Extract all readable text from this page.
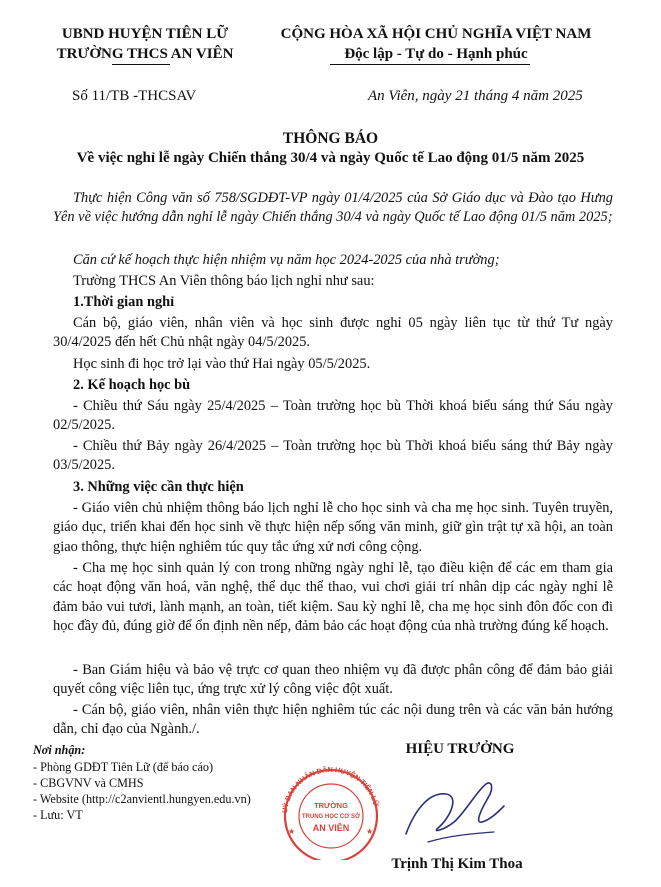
UBND HUYỆN TIÊN LỮ
TRƯỜNG THCS AN VIÊN
CỘNG HÒA XÃ HỘI CHỦ NGHĨA VIỆT NAM
Độc lập - Tự do - Hạnh phúc
Số 11/TB -THCSAV	An Viên, ngày 21 tháng 4 năm 2025
THÔNG BÁO
Về việc nghỉ lễ ngày Chiến thắng 30/4 và ngày Quốc tế Lao động 01/5 năm 2025

Thực hiện Công văn số 758/SGDĐT-VP ngày 01/4/2025 của Sở Giáo dục và Đào tạo Hưng Yên về việc hướng dẫn nghỉ lễ ngày Chiến thắng 30/4 và ngày Quốc tế Lao động 01/5 năm 2025;

Căn cứ kế hoạch thực hiện nhiệm vụ năm học 2024-2025 của nhà trường;

Trường THCS An Viên thông báo lịch nghỉ như sau:

1.Thời gian nghỉ

Cán bộ, giáo viên, nhân viên và học sinh được nghỉ 05 ngày liên tục từ thứ Tư ngày 30/4/2025 đến hết Chủ nhật ngày 04/5/2025.

Học sinh đi học trở lại vào thứ Hai ngày 05/5/2025.

2. Kế hoạch học bù

- Chiều thứ Sáu ngày 25/4/2025 – Toàn trường học bù Thời khoá biểu sáng thứ Sáu ngày 02/5/2025.

- Chiều thứ Bảy ngày 26/4/2025 – Toàn trường học bù Thời khoá biểu sáng thứ Bảy ngày 03/5/2025.

3. Những việc cần thực hiện

- Giáo viên chủ nhiệm thông báo lịch nghỉ lễ cho học sinh và cha mẹ học sinh. Tuyên truyền, giáo dục, triển khai đến học sinh về thực hiện nếp sống văn minh, giữ gìn trật tự xã hội, an toàn giao thông, thực hiện nghiêm túc quy tắc ứng xử nơi công cộng.

- Cha mẹ học sinh quản lý con trong những ngày nghỉ lễ, tạo điều kiện để các em tham gia các hoạt động văn hoá, văn nghệ, thể dục thể thao, vui chơi giải trí nhân dịp các ngày nghỉ lễ đảm bảo vui tươi, lành mạnh, an toàn, tiết kiệm. Sau kỳ nghỉ lễ, cha mẹ học sinh đôn đốc con đi học đầy đủ, đúng giờ để ổn định nền nếp, đảm bảo các hoạt động của nhà trường đúng kế hoạch.

- Ban Giám hiệu và bảo vệ trực cơ quan theo nhiệm vụ đã được phân công để đảm bảo giải quyết công việc liên tục, ứng trực xử lý công việc đột xuất.

- Cán bộ, giáo viên, nhân viên thực hiện nghiêm túc các nội dung trên và các văn bản hướng dẫn, chỉ đạo của Ngành./.

Nơi nhận:
- Phòng GDĐT Tiên Lữ (để báo cáo)
- CBGVNV và CMHS
- Website (http://c2anvientl.hungyen.edu.vn)
- Lưu: VT
HIỆU TRƯỞNG
UỶ BAN NHÂN DÂN HUYỆN TIÊN LỮ
TRƯỜNG
TRUNG HỌC CƠ SỞ
AN VIÊN
★	★
Trịnh Thị Kim Thoa
